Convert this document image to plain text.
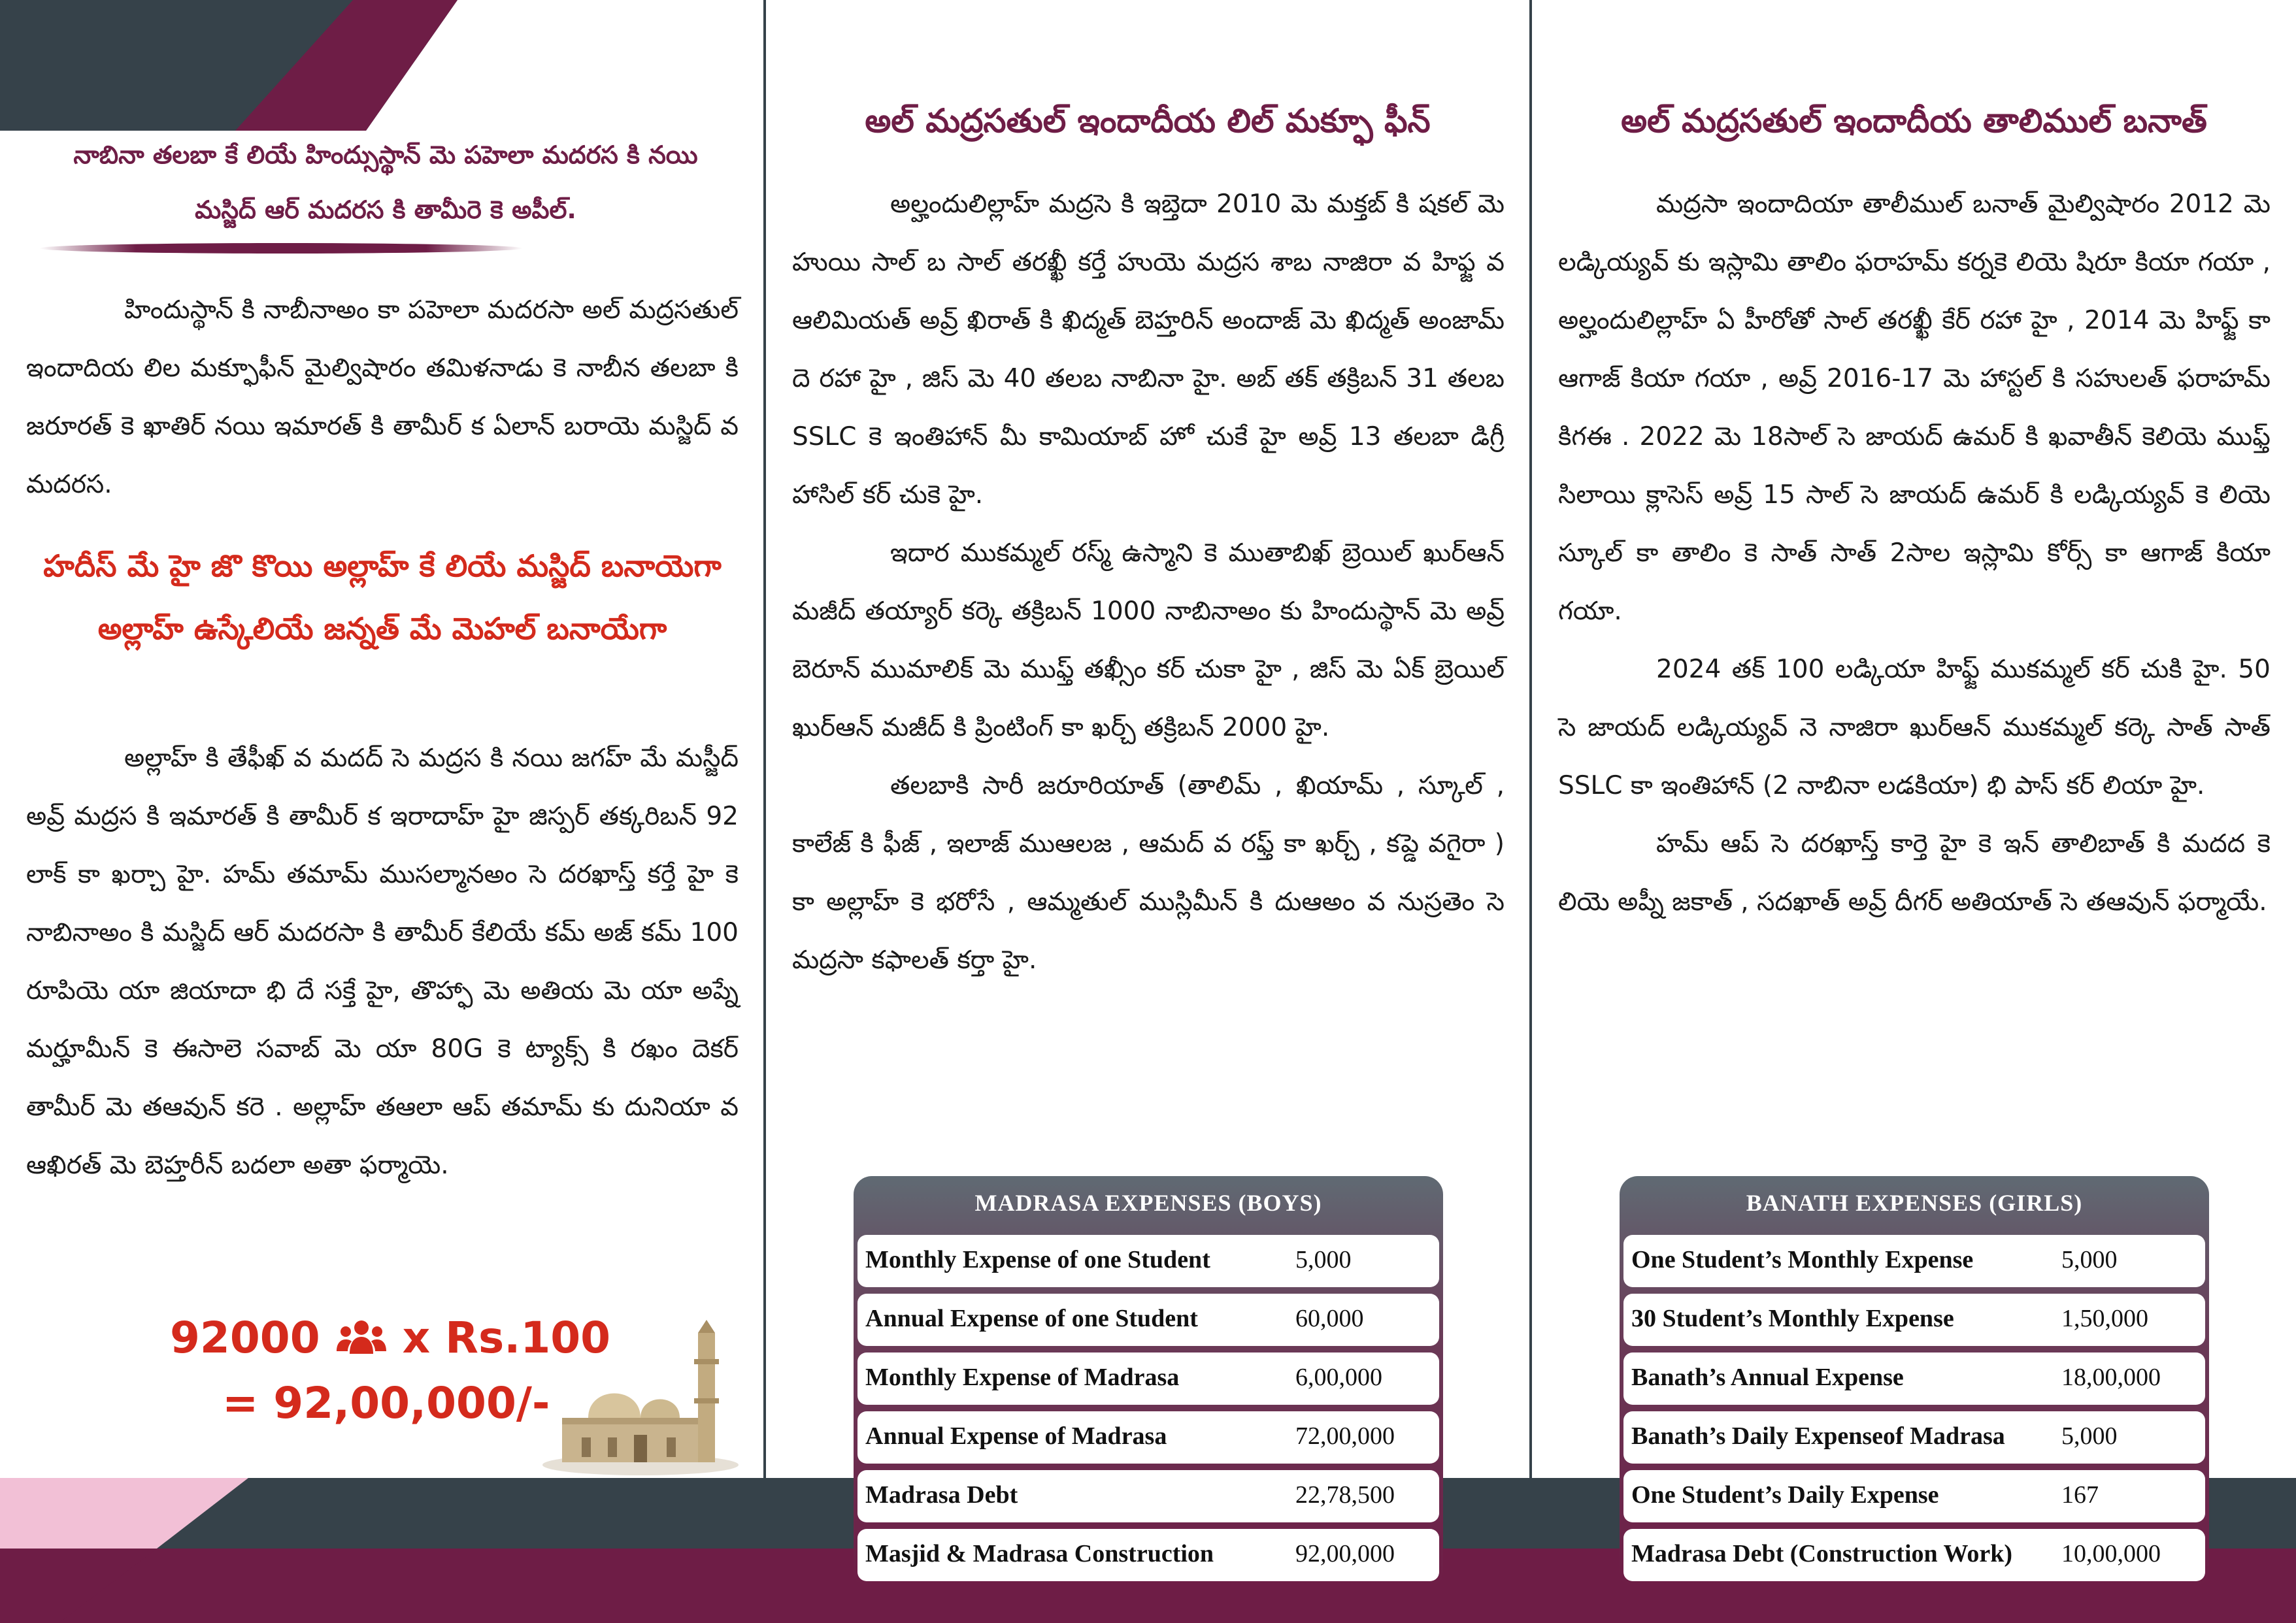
నాబినా తలబా కే లియే హింద్సుస్థాన్ మె పహెలా మదరస కి నయి మస్జిద్ ఆర్ మదరస కి తామీరె కె అపీల్.

హిందుస్థాన్ కి నాబీనాఅం కా పహెలా మదరసా అల్ మద్రసతుల్ ఇందాదియ లిల మక్ఫూఫీన్ మైల్విషారం తమిళనాడు కె నాబీన తలబా కి జరూరత్ కె ఖాతిర్ నయి ఇమారత్ కి తామీర్ క ఏలాన్ బరాయె మస్జిద్ వ మదరస.

హదీస్ మే హై జొ కొయి అల్లాహ్ కే లియే మస్జిద్ బనాయెగా అల్లాహ్ ఉస్కేలియే జన్నత్ మే మెహల్ బనాయేగా

అల్లాహ్ కి తేఫీఖ్ వ మదద్ సె మద్రస కి నయి జగహ్ మే మస్జీద్ అవ్ర్ మద్రస కి ఇమారత్ కి తామీర్ క ఇరాదాహ్ హై జిస్పర్ తక్కరిబన్ 92 లాక్ కా ఖర్చా హై. హమ్ తమామ్ ముసల్మానఅం సె దరఖాస్త్ కర్తే హై కె నాబినాఅం కి మస్జిద్ ఆర్ మదరసా కి తామీర్ కేలియే కమ్ అజ్ కమ్ 100 రూపియె యా జియాదా భి దే సక్తే హై, తొహ్ఫా మె అతియ మె యా అప్నే మర్హూమీన్ కె ఈసాలె సవాబ్ మె యా 80G కె ట్యాక్స్ కి రఖం దెకర్ తామీర్ మె తఆవున్ కరె . అల్లాహ్ తఆలా ఆప్ తమామ్ కు దునియా వ ఆఖిరత్ మె బెహ్తరీన్ బదలా అతా ఫర్మాయె.

92000 x Rs.100
= 92,00,000/-
అల్ మద్రసతుల్ ఇందాదీయ లిల్ మక్ఫూ ఫీన్

అల్హందులిల్లాహ్ మద్రసె కి ఇబ్తెదా 2010 మె మక్తబ్ కి షకల్ మె హుయి సాల్ బ సాల్ తరఖ్ఖీ కర్తే హుయె మద్రస శాబ నాజిరా వ హిఫ్జ వ ఆలిమియత్ అవ్ర్ ఖిరాత్ కి ఖిద్మత్ బెహ్తరిన్ అందాజ్ మె ఖిద్మత్ అంజామ్ దె రహా హై , జిస్ మె 40 తలబ నాబినా హై. అబ్ తక్ తక్రిబన్ 31 తలబ SSLC కె ఇంతిహాన్ మీ కామియాబ్ హో చుకే హై అవ్ర్ 13 తలబా డిగ్రీ హాసిల్ కర్ చుకె హై.

ఇదార ముకమ్మల్ రస్మ్ ఉస్మాని కె ముతాబిఖ్ బ్రెయిల్ ఖుర్ఆన్ మజీద్ తయ్యార్ కర్కె తక్రిబన్ 1000 నాబినాఅం కు హిందుస్థాన్ మె అవ్ర్ బెరూన్ ముమాలిక్ మె ముఫ్త్ తఖ్సీం కర్ చుకా హై , జిస్ మె ఏక్ బ్రెయిల్ ఖుర్ఆన్ మజీద్ కి ప్రింటింగ్ కా ఖర్చ్ తక్రిబన్ 2000 హై.

తలబాకి సారీ జరూరియాత్ (తాలిమ్ , ఖియామ్ , స్కూల్ , కాలేజ్ కి ఫీజ్ , ఇలాజ్ ముఆలజ , ఆమద్ వ రఫ్త్ కా ఖర్చ్ , కప్డె వగైరా ) కా అల్లాహ్ కె భరోసే , ఆమ్మతుల్ ముస్లిమీన్ కి దుఆఅం వ నుస్రతెం సె మద్రసా కఫాలత్ కర్తా హై.

MADRASA EXPENSES (BOYS)
Monthly Expense of one Student	5,000
Annual Expense of one Student	60,000
Monthly Expense of Madrasa	6,00,000
Annual Expense of Madrasa	72,00,000
Madrasa Debt	22,78,500
Masjid & Madrasa Construction	92,00,000
అల్ మద్రసతుల్ ఇందాదీయ తాలిముల్ బనాత్

మద్రసా ఇందాదియా తాలీముల్ బనాత్ మైల్విషారం 2012 మె లడ్కియ్యవ్ కు ఇస్లామి తాలిం ఫరాహమ్ కర్నకె లియె షిరూ కియా గయా , అల్హందులిల్లాహ్ ఏ హీరోతో సాల్ తరఖ్ఖీ కేర్ రహా హై , 2014 మె హిఫ్జ్ కా ఆగాజ్ కియా గయా , అవ్ర్ 2016-17 మె హాస్టల్ కి సహులత్ ఫరాహమ్ కిగఈ . 2022 మె 18సాల్ సె జాయద్ ఉమర్ కి ఖవాతీన్ కెలియె ముఫ్త్ సిలాయి క్లాసెస్ అవ్ర్ 15 సాల్ సె జాయద్ ఉమర్ కి లడ్కియ్యవ్ కె లియె స్కూల్ కా తాలిం కె సాత్ సాత్ 2సాల ఇస్లామి కోర్స్ కా ఆగాజ్ కియా గయా.

2024 తక్ 100 లడ్కియా హిఫ్జ్ ముకమ్మల్ కర్ చుకి హై. 50 సె జాయద్ లడ్కియ్యవ్ నె నాజిరా ఖుర్ఆన్ ముకమ్మల్ కర్కె సాత్ సాత్ SSLC కా ఇంతిహాన్ (2 నాబినా లడకియా) భి పాస్ కర్ లియా హై.

హమ్ ఆప్ సె దరఖాస్త్ కార్తె హై కె ఇన్ తాలిబాత్ కి మదద కె లియె అప్నీ జకాత్ , సదఖాత్ అవ్ర్ దీగర్ అతియాత్ సె తఆవున్ ఫర్మాయే.

BANATH EXPENSES (GIRLS)
One Student’s Monthly Expense	5,000
30 Student’s Monthly Expense	1,50,000
Banath’s Annual Expense	18,00,000
Banath’s Daily Expenseof Madrasa 5,000
One Student’s Daily Expense	167
Madrasa Debt (Construction Work) 10,00,000
